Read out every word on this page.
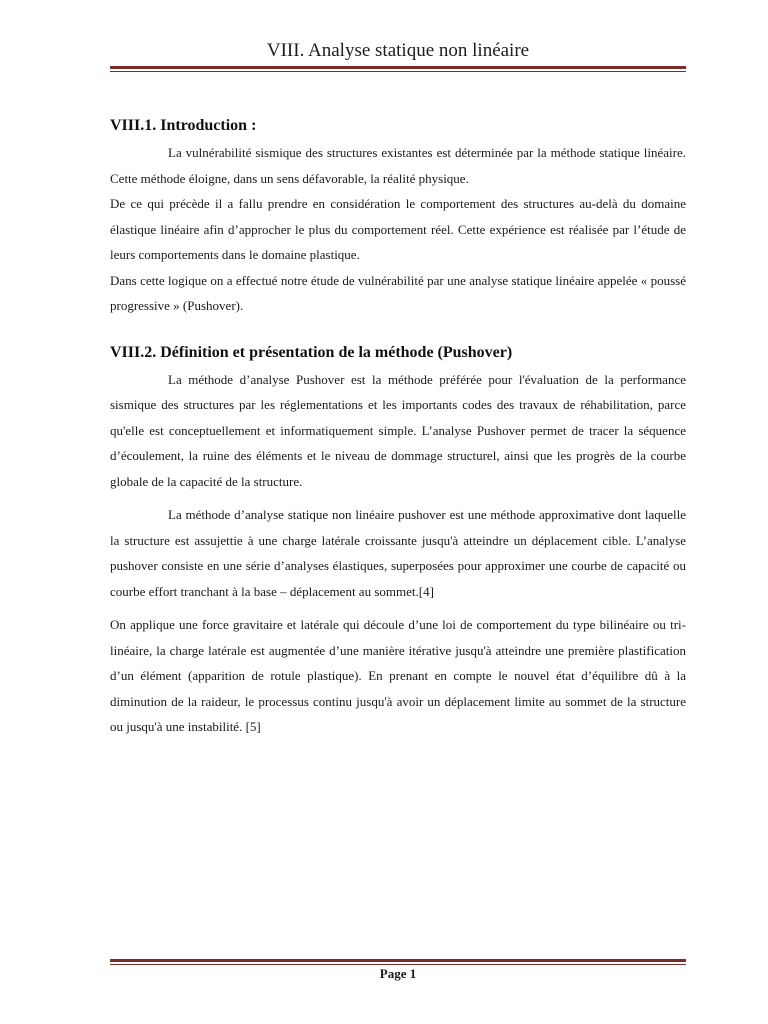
VIII. Analyse statique non linéaire
VIII.1. Introduction :

La vulnérabilité sismique des structures existantes est déterminée par la méthode statique linéaire. Cette méthode éloigne, dans un sens défavorable, la réalité physique.

De ce qui précède il a fallu prendre en considération le comportement des structures au-delà du domaine élastique linéaire afin d’approcher le plus du comportement réel. Cette expérience est réalisée par l’étude de leurs comportements dans le domaine plastique.

Dans cette logique on a effectué notre étude de vulnérabilité par une analyse statique linéaire appelée « poussé progressive » (Pushover).

VIII.2. Définition et présentation de la méthode (Pushover)

La méthode d’analyse Pushover est la méthode préférée pour l'évaluation de la performance sismique des structures par les réglementations et les importants codes des travaux de réhabilitation, parce qu'elle est conceptuellement et informatiquement simple. L’analyse Pushover permet de tracer la séquence d’écoulement, la ruine des éléments et le niveau de dommage structurel, ainsi que les progrès de la courbe globale de la capacité de la structure.

La méthode d’analyse statique non linéaire pushover est une méthode approximative dont laquelle la structure est assujettie à une charge latérale croissante jusqu'à atteindre un déplacement cible. L’analyse pushover consiste en une série d’analyses élastiques, superposées pour approximer une courbe de capacité ou courbe effort tranchant à la base – déplacement au sommet.[4]

On applique une force gravitaire et latérale qui découle d’une loi de comportement du type bilinéaire ou tri-linéaire, la charge latérale est augmentée d’une manière itérative jusqu'à atteindre une première plastification d’un élément (apparition de rotule plastique). En prenant en compte le nouvel état d’équilibre dû à la diminution de la raideur, le processus continu jusqu'à avoir un déplacement limite au sommet de la structure ou jusqu'à une instabilité. [5]

Page 1
